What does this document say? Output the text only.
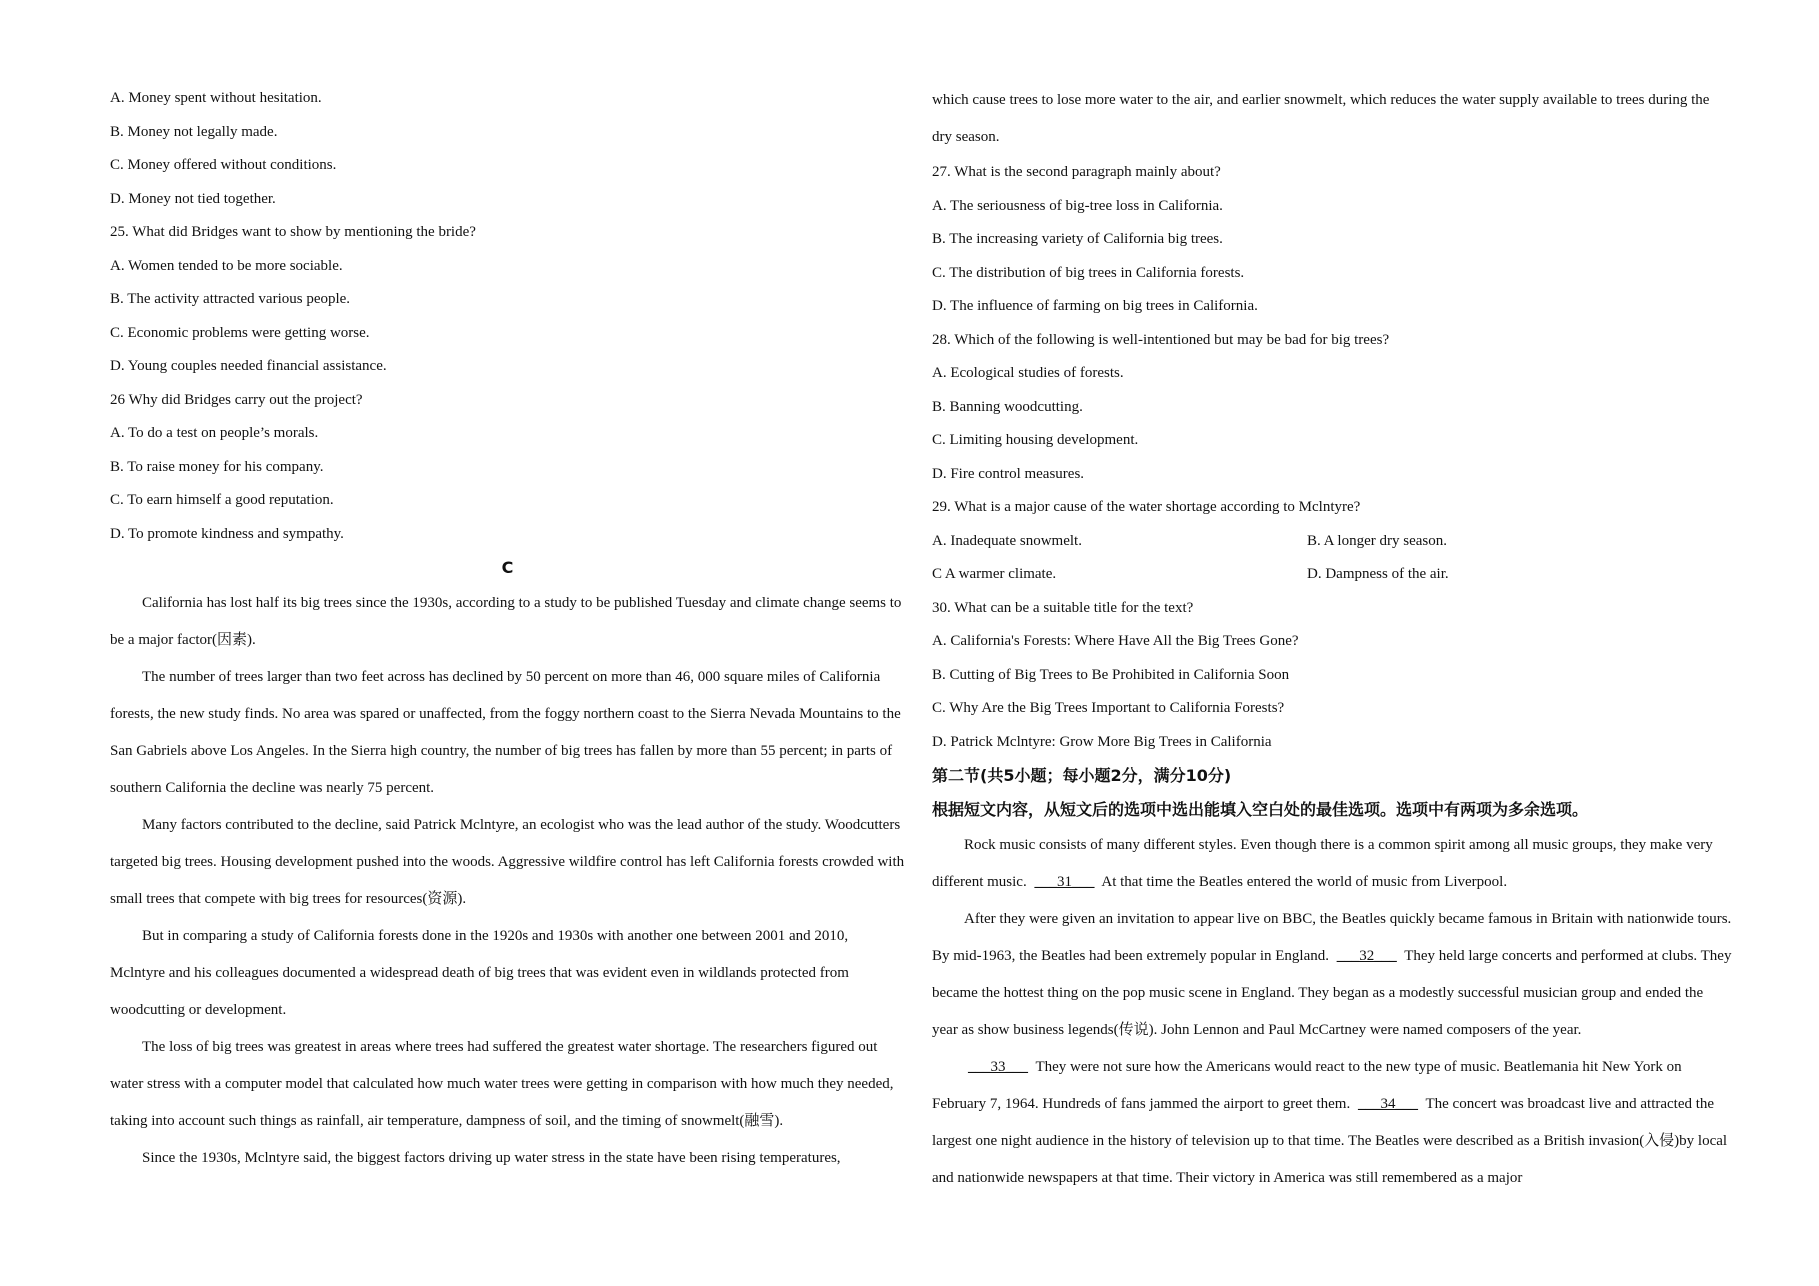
A. Money spent without hesitation.
B. Money not legally made.
C. Money offered without conditions.
D. Money not tied together.
25. What did Bridges want to show by mentioning the bride?
A. Women tended to be more sociable.
B. The activity attracted various people.
C. Economic problems were getting worse.
D. Young couples needed financial assistance.
26 Why did Bridges carry out the project?
A. To do a test on people’s morals.
B. To raise money for his company.
C. To earn himself a good reputation.
D. To promote kindness and sympathy.
C

California has lost half its big trees since the 1930s, according to a study to be published Tuesday and climate change seems to be a major factor(因素).

The number of trees larger than two feet across has declined by 50 percent on more than 46, 000 square miles of California forests, the new study finds. No area was spared or unaffected, from the foggy northern coast to the Sierra Nevada Mountains to the San Gabriels above Los Angeles. In the Sierra high country, the number of big trees has fallen by more than 55 percent; in parts of southern California the decline was nearly 75 percent.

Many factors contributed to the decline, said Patrick Mclntyre, an ecologist who was the lead author of the study. Woodcutters targeted big trees. Housing development pushed into the woods. Aggressive wildfire control has left California forests crowded with small trees that compete with big trees for resources(资源).

But in comparing a study of California forests done in the 1920s and 1930s with another one between 2001 and 2010, Mclntyre and his colleagues documented a widespread death of big trees that was evident even in wildlands protected from woodcutting or development.

The loss of big trees was greatest in areas where trees had suffered the greatest water shortage. The researchers figured out water stress with a computer model that calculated how much water trees were getting in comparison with how much they needed, taking into account such things as rainfall, air temperature, dampness of soil, and the timing of snowmelt(融雪).

Since the 1930s, Mclntyre said, the biggest factors driving up water stress in the state have been rising temperatures,

which cause trees to lose more water to the air, and earlier snowmelt, which reduces the water supply available to trees during the dry season.

27. What is the second paragraph mainly about?
A. The seriousness of big-tree loss in California.
B. The increasing variety of California big trees.
C. The distribution of big trees in California forests.
D. The influence of farming on big trees in California.
28. Which of the following is well-intentioned but may be bad for big trees?
A. Ecological studies of forests.
B. Banning woodcutting.
C. Limiting housing development.
D. Fire control measures.
29. What is a major cause of the water shortage according to Mclntyre?
A. Inadequate snowmelt.	B. A longer dry season.
C A warmer climate.	D. Dampness of the air.
30. What can be a suitable title for the text?
A. California's Forests: Where Have All the Big Trees Gone?
B. Cutting of Big Trees to Be Prohibited in California Soon
C. Why Are the Big Trees Important to California Forests?
D. Patrick Mclntyre: Grow More Big Trees in California
第二节(共5小题；每小题2分，满分10分)
根据短文内容，从短文后的选项中选出能填入空白处的最佳选项。选项中有两项为多余选项。

Rock music consists of many different styles. Even though there is a common spirit among all music groups, they make very different music. ___31___ At that time the Beatles entered the world of music from Liverpool.

After they were given an invitation to appear live on BBC, the Beatles quickly became famous in Britain with nationwide tours. By mid-1963, the Beatles had been extremely popular in England. ___32___ They held large concerts and performed at clubs. They became the hottest thing on the pop music scene in England. They began as a modestly successful musician group and ended the year as show business legends(传说). John Lennon and Paul McCartney were named composers of the year.

___33___ They were not sure how the Americans would react to the new type of music. Beatlemania hit New York on February 7, 1964. Hundreds of fans jammed the airport to greet them. ___34___ The concert was broadcast live and attracted the largest one night audience in the history of television up to that time. The Beatles were described as a British invasion(入侵)by local and nationwide newspapers at that time. Their victory in America was still remembered as a major
